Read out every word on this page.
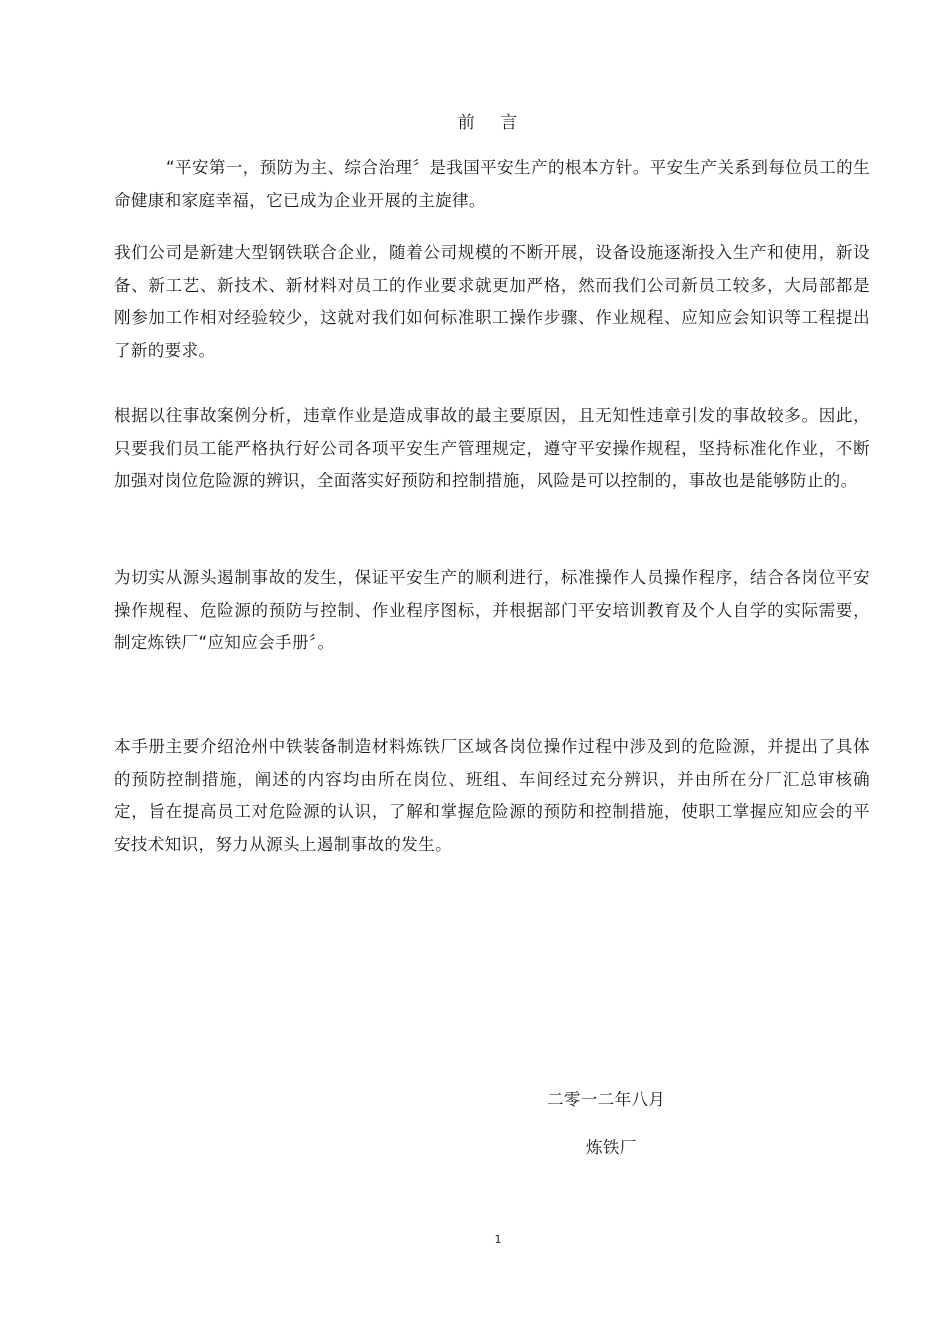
前 言

“平安第一，预防为主、综合治理〞是我国平安生产的根本方针。平安生产关系到每位员工的生命健康和家庭幸福，它已成为企业开展的主旋律。

我们公司是新建大型钢铁联合企业，随着公司规模的不断开展，设备设施逐渐投入生产和使用，新设备、新工艺、新技术、新材料对员工的作业要求就更加严格，然而我们公司新员工较多，大局部都是刚参加工作相对经验较少，这就对我们如何标准职工操作步骤、作业规程、应知应会知识等工程提出了新的要求。

根据以往事故案例分析，违章作业是造成事故的最主要原因，且无知性违章引发的事故较多。因此，只要我们员工能严格执行好公司各项平安生产管理规定，遵守平安操作规程，坚持标准化作业，不断加强对岗位危险源的辨识，全面落实好预防和控制措施，风险是可以控制的，事故也是能够防止的。

为切实从源头遏制事故的发生，保证平安生产的顺利进行，标准操作人员操作程序，结合各岗位平安操作规程、危险源的预防与控制、作业程序图标，并根据部门平安培训教育及个人自学的实际需要，制定炼铁厂“应知应会手册〞。

本手册主要介绍沧州中铁装备制造材料炼铁厂区域各岗位操作过程中涉及到的危险源，并提出了具体的预防控制措施，阐述的内容均由所在岗位、班组、车间经过充分辨识，并由所在分厂汇总审核确定，旨在提高员工对危险源的认识，了解和掌握危险源的预防和控制措施，使职工掌握应知应会的平安技术知识，努力从源头上遏制事故的发生。

二零一二年八月
炼铁厂
1
